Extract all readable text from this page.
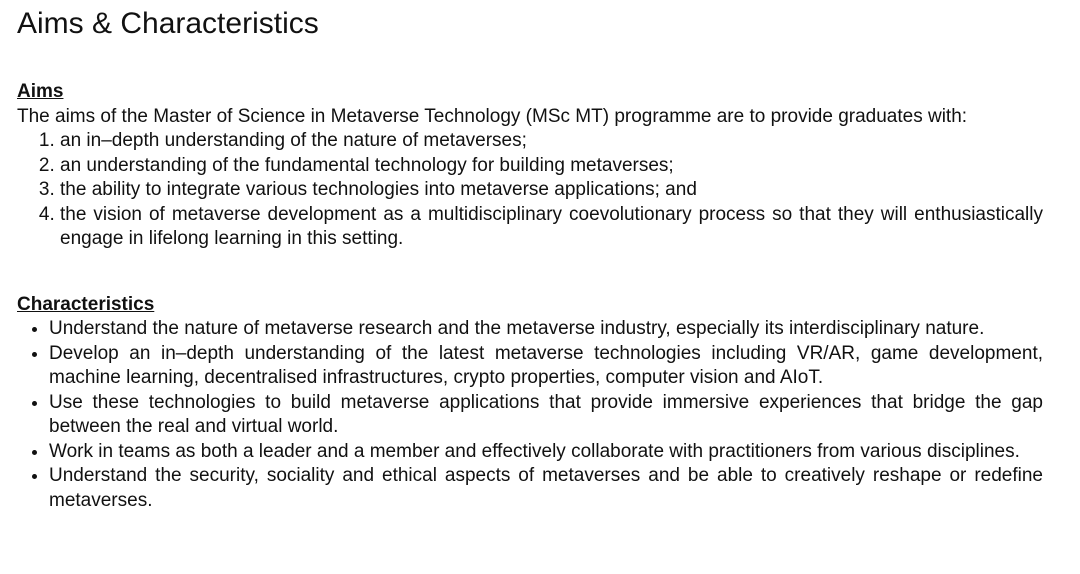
Aims & Characteristics
Aims

The aims of the Master of Science in Metaverse Technology (MSc MT) programme are to provide graduates with:

1. an in–depth understanding of the nature of metaverses;
2. an understanding of the fundamental technology for building metaverses;
3. the ability to integrate various technologies into metaverse applications; and
4. the vision of metaverse development as a multidisciplinary coevolutionary process so that they will enthusiastically engage in lifelong learning in this setting.
Characteristics
• Understand the nature of metaverse research and the metaverse industry, especially its interdisciplinary nature.
• Develop an in–depth understanding of the latest metaverse technologies including VR/AR, game development, machine learning, decentralised infrastructures, crypto properties, computer vision and AIoT.
• Use these technologies to build metaverse applications that provide immersive experiences that bridge the gap between the real and virtual world.
• Work in teams as both a leader and a member and effectively collaborate with practitioners from various disciplines.
• Understand the security, sociality and ethical aspects of metaverses and be able to creatively reshape or redefine metaverses.
